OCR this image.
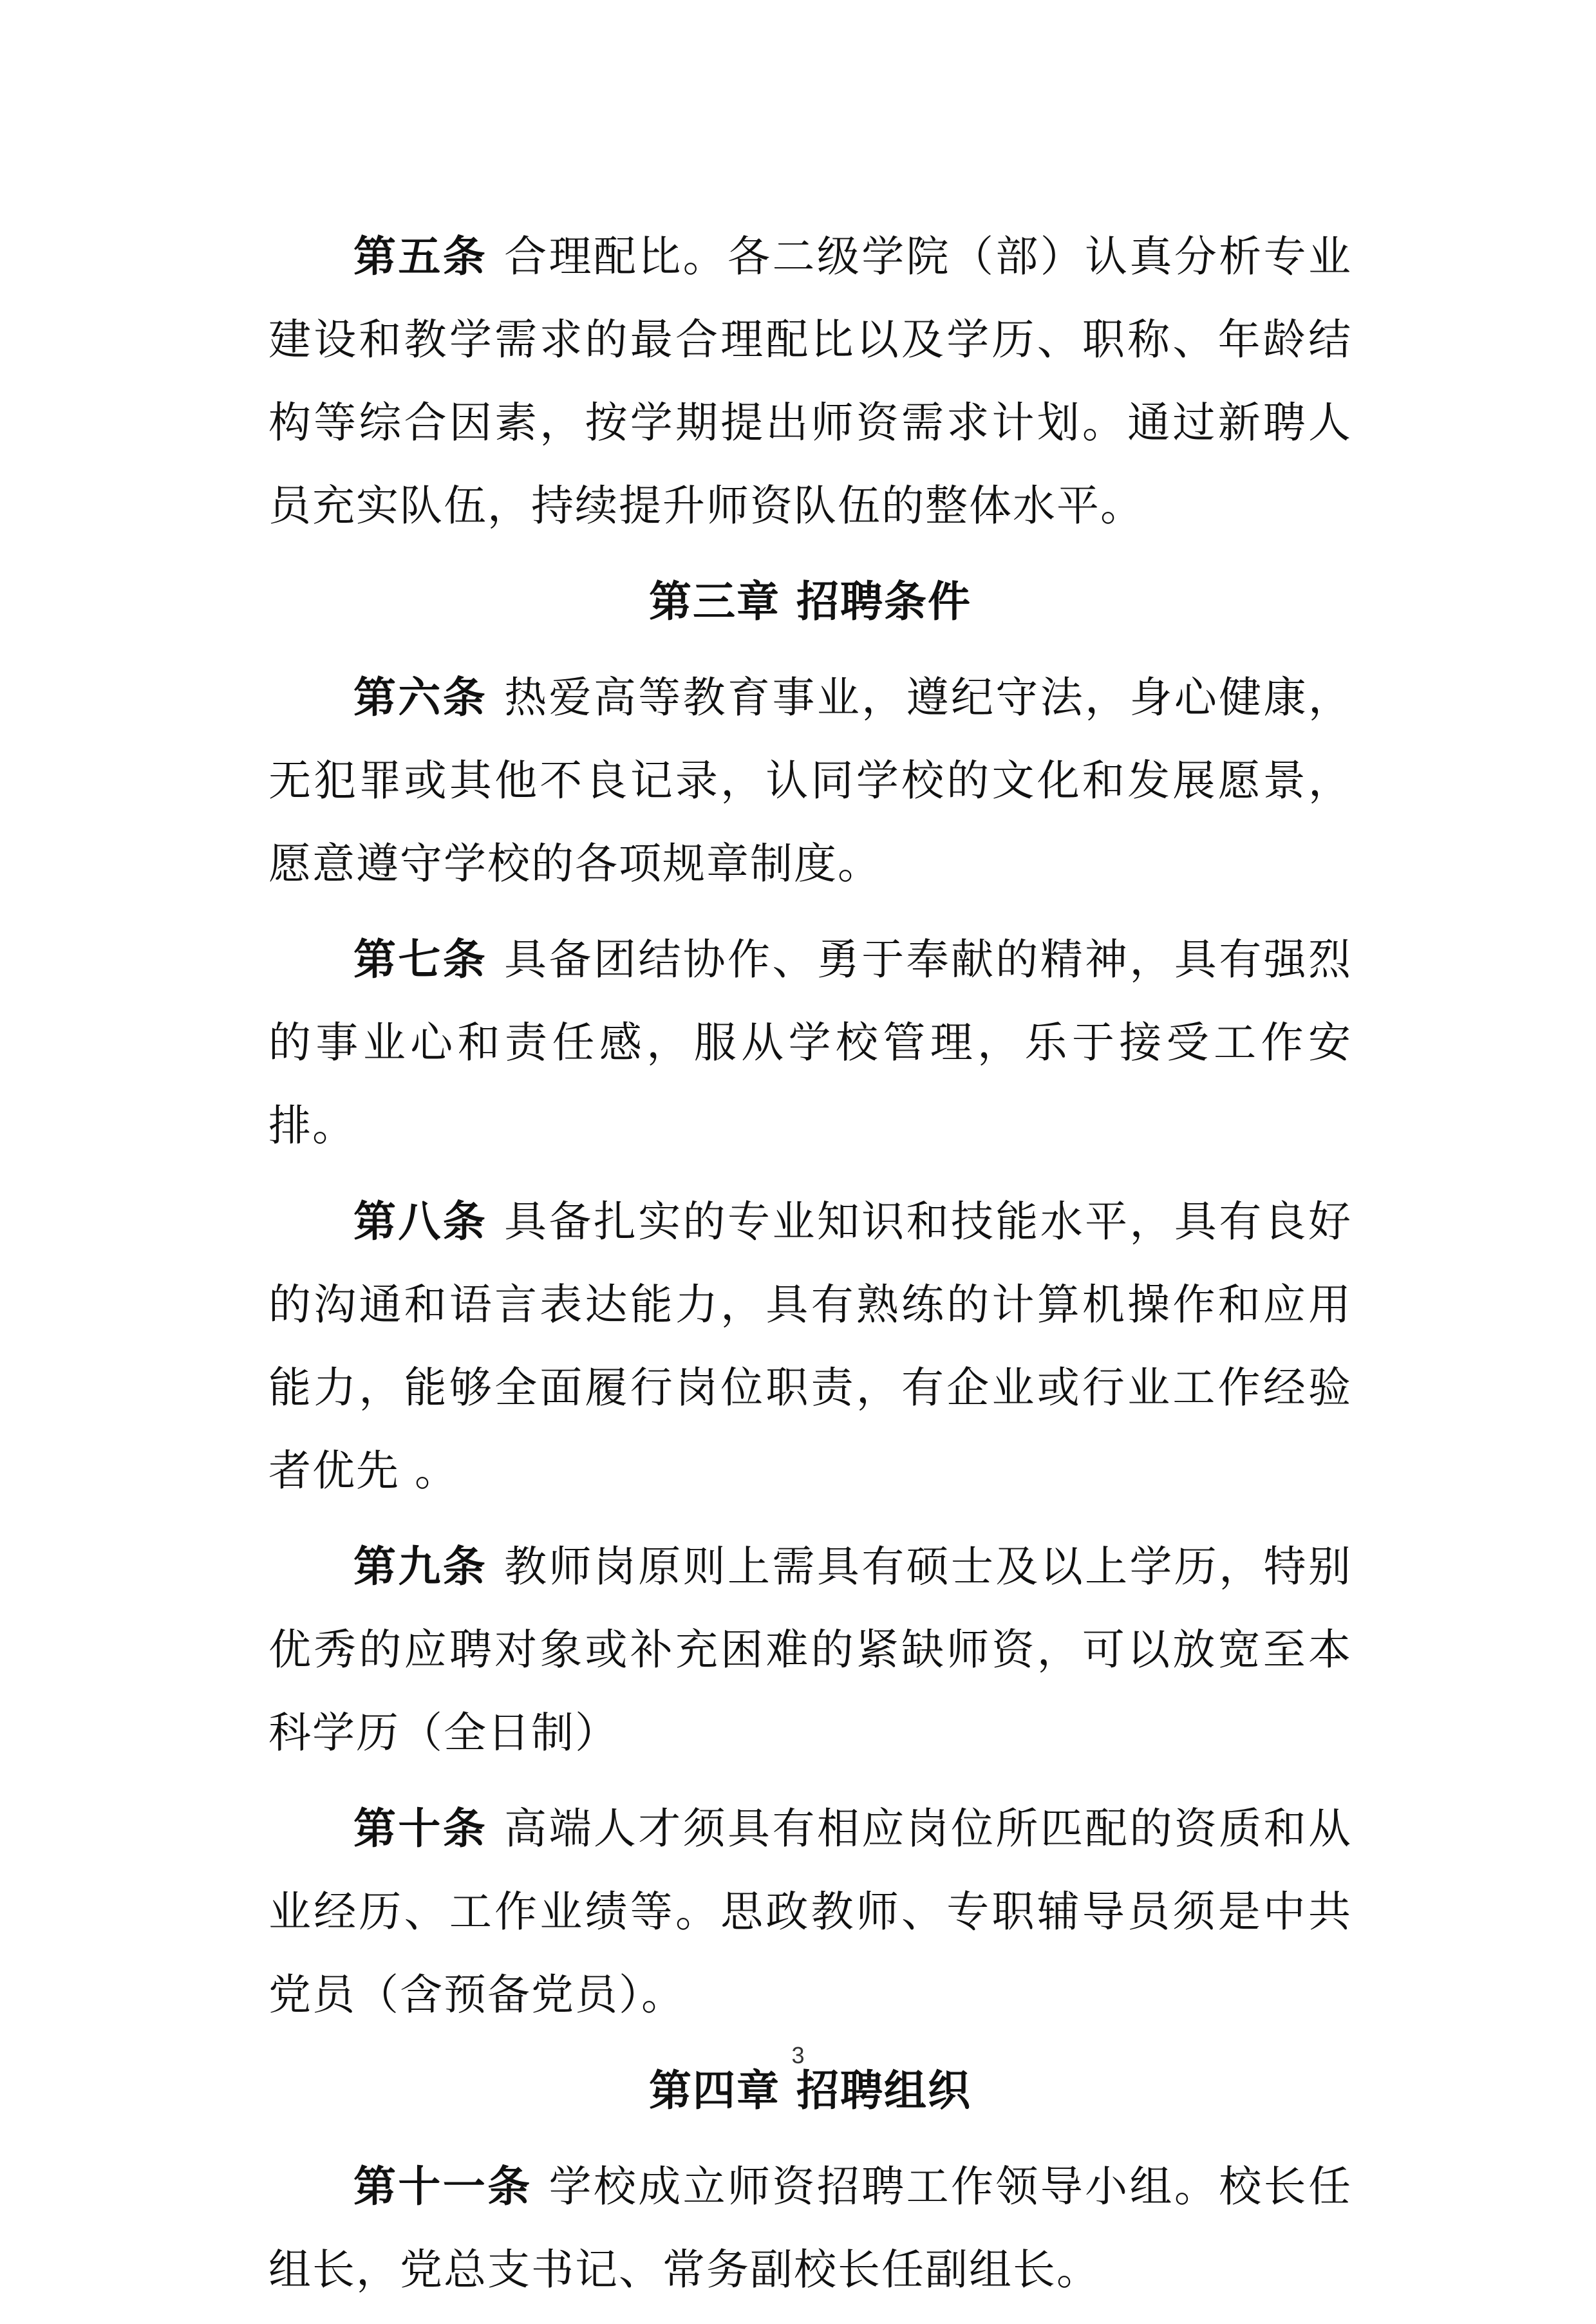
第五条 合理配比。各二级学院（部）认真分析专业建设和教学需求的最合理配比以及学历、职称、年龄结构等综合因素，按学期提出师资需求计划。通过新聘人员充实队伍，持续提升师资队伍的整体水平。

第三章 招聘条件

第六条 热爱高等教育事业，遵纪守法，身心健康，无犯罪或其他不良记录，认同学校的文化和发展愿景，愿意遵守学校的各项规章制度。

第七条 具备团结协作、勇于奉献的精神，具有强烈的事业心和责任感，服从学校管理，乐于接受工作安排。

第八条 具备扎实的专业知识和技能水平，具有良好的沟通和语言表达能力，具有熟练的计算机操作和应用能力，能够全面履行岗位职责，有企业或行业工作经验者优先 。

第九条 教师岗原则上需具有硕士及以上学历，特别优秀的应聘对象或补充困难的紧缺师资，可以放宽至本科学历（全日制）

第十条 高端人才须具有相应岗位所匹配的资质和从业经历、工作业绩等。思政教师、专职辅导员须是中共党员（含预备党员）。

第四章 招聘组织

第十一条 学校成立师资招聘工作领导小组。校长任组长，党总支书记、常务副校长任副组长。

3
